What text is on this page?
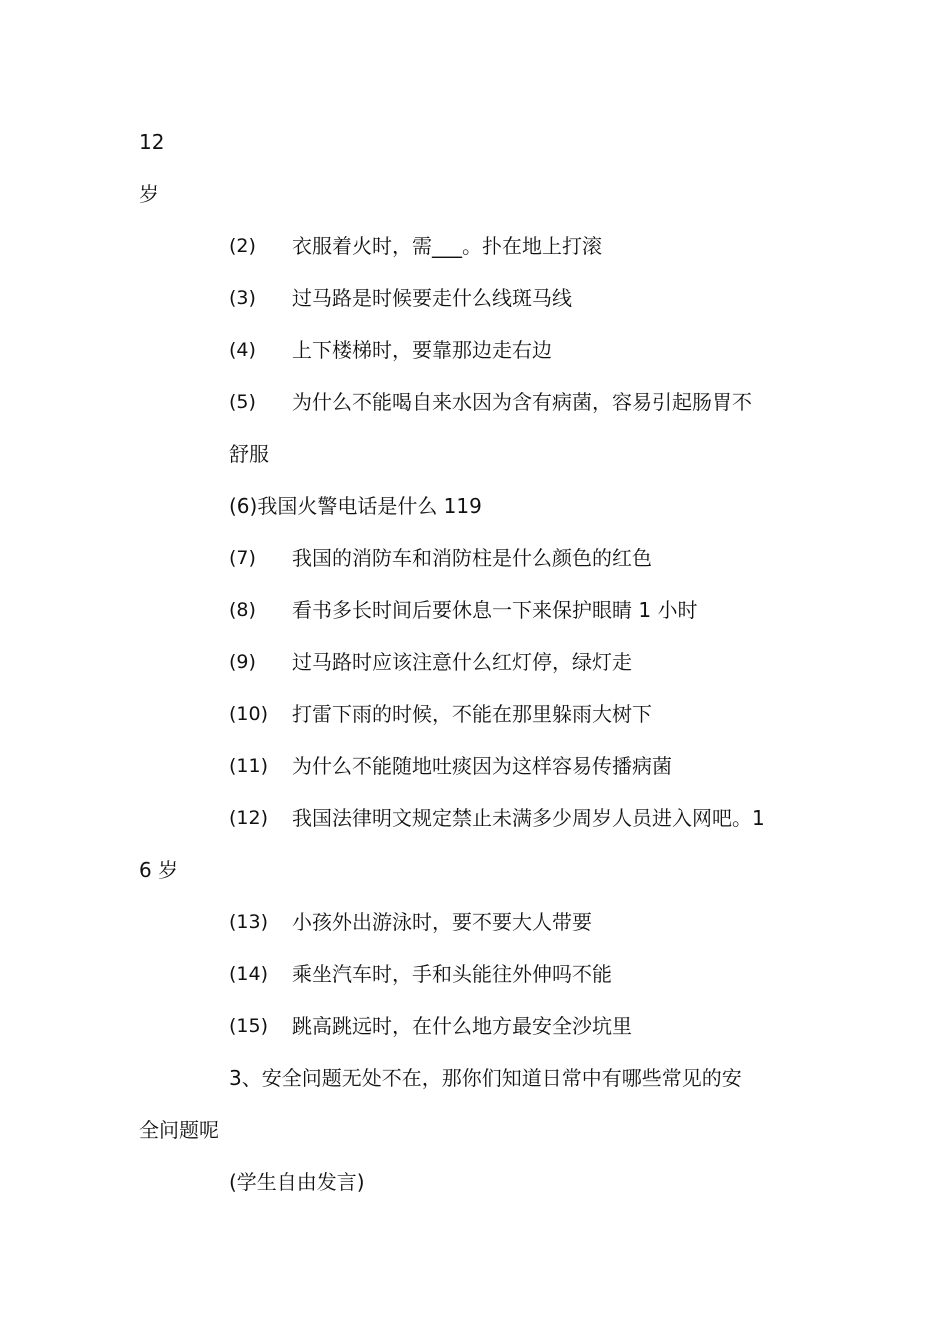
12
岁
(2) 衣服着火时，需___。扑在地上打滚
(3) 过马路是时候要走什么线斑马线
(4) 上下楼梯时，要靠那边走右边
(5) 为什么不能喝自来水因为含有病菌，容易引起肠胃不
舒服
(6)我国火警电话是什么 119
(7) 我国的消防车和消防柱是什么颜色的红色
(8) 看书多长时间后要休息一下来保护眼睛 1 小时
(9) 过马路时应该注意什么红灯停，绿灯走
(10) 打雷下雨的时候，不能在那里躲雨大树下
(11) 为什么不能随地吐痰因为这样容易传播病菌
(12) 我国法律明文规定禁止未满多少周岁人员进入网吧。1
6 岁
(13) 小孩外出游泳时，要不要大人带要
(14) 乘坐汽车时，手和头能往外伸吗不能
(15) 跳高跳远时，在什么地方最安全沙坑里
3、安全问题无处不在，那你们知道日常中有哪些常见的安
全问题呢
(学生自由发言)
